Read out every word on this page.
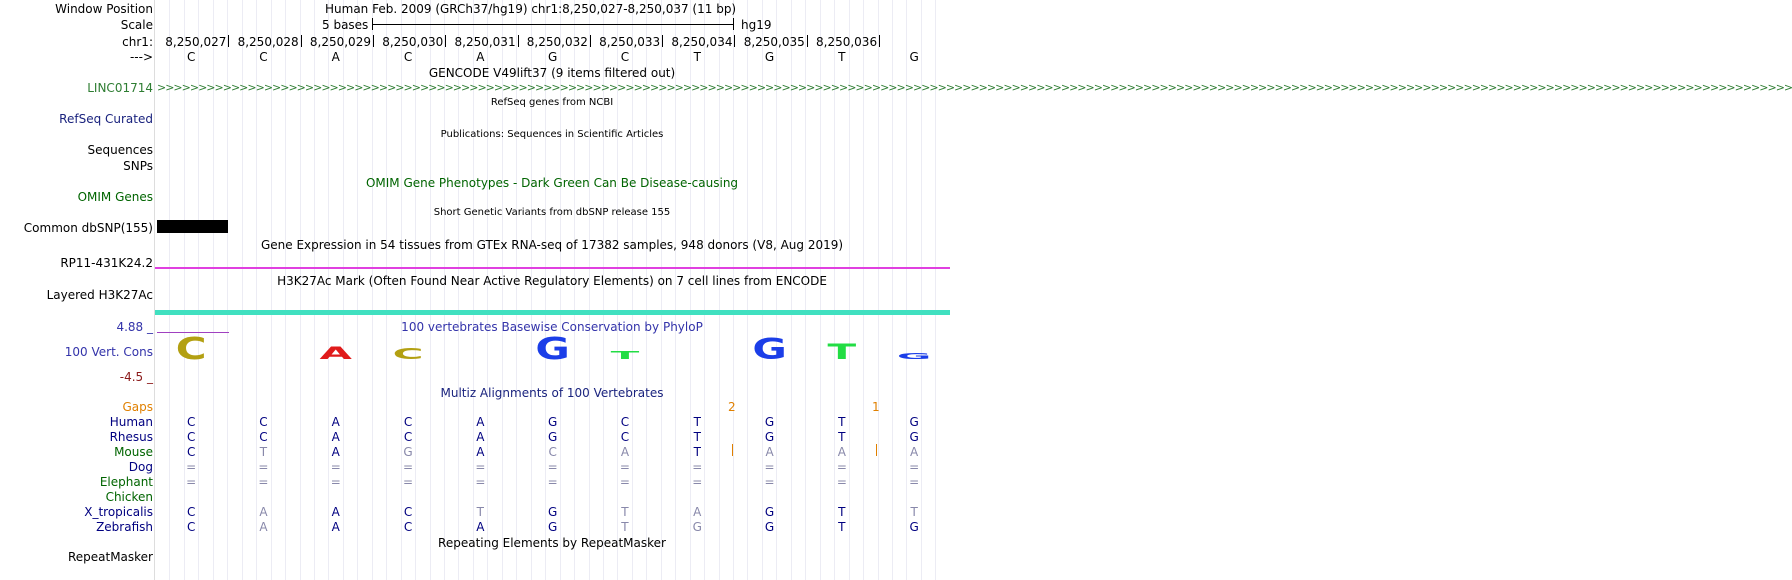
Window Position	Human Feb. 2009 (GRCh37/hg19) chr1:8,250,027-8,250,037 (11 bp)
Scale	5 bases	hg19
chr1:
--->
8,250,027 8,250,028 8,250,029 8,250,030 8,250,031 8,250,032 8,250,033 8,250,034 8,250,035 8,250,036
C	C	A	C	A	G	C	T	G	T	G
GENCODE V49lift37 (9 items filtered out)
LINC01714 >>>>>>>>>>>>>>>>>>>>>>>>>>>>>>>>>>>>>>>>>>>>>>>>>>>>>>>>>>>>>>>>>>>>>>>>>>>>>>>>>>>>>>>>>>>>>>>>>>>>>>>>>>>>>>>>>>>>>>>>>>>>>>>>>>>>>>>>>>>>>>>>>>>>>>>>>>>>>>>>>>>>>>>>>>>>>>>>>>>>>>>>>>>>>>>>>>>>>>>
RefSeq genes from NCBI
RefSeq Curated
Publications: Sequences in Scientific Articles
Sequences
SNPs
OMIM Gene Phenotypes - Dark Green Can Be Disease-causing
OMIM Genes
Short Genetic Variants from dbSNP release 155
Common dbSNP(155)
Gene Expression in 54 tissues from GTEx RNA-seq of 17382 samples, 948 donors (V8, Aug 2019)
RP11-431K24.2
H3K27Ac Mark (Often Found Near Active Regulatory Elements) on 7 cell lines from ENCODE
Layered H3K27Ac
100 vertebrates Basewise Conservation by PhyloP
4.88 _
100 Vert. Cons
-4.5 _
C	A C	G T	G T G
Multiz Alignments of 100 Vertebrates
Gaps	2	1
Human	C	C	A	C	A	G	C	T	G	T	G
Rhesus	C	C	A	C	A	G	C	T	G	T	G
Mouse	C	T	A	G	A	C	A	T	A	A	A
Dog	=	=	=	=	=	=	=	=	=	=	=
Elephant	=	=	=	=	=	=	=	=	=	=	=
Chicken
X_tropicalis	C	A	A	C	T	G	T	A	G	T	T
Zebrafish	C	A	A	C	A	G	T	G	G	T	G
Repeating Elements by RepeatMasker
RepeatMasker
